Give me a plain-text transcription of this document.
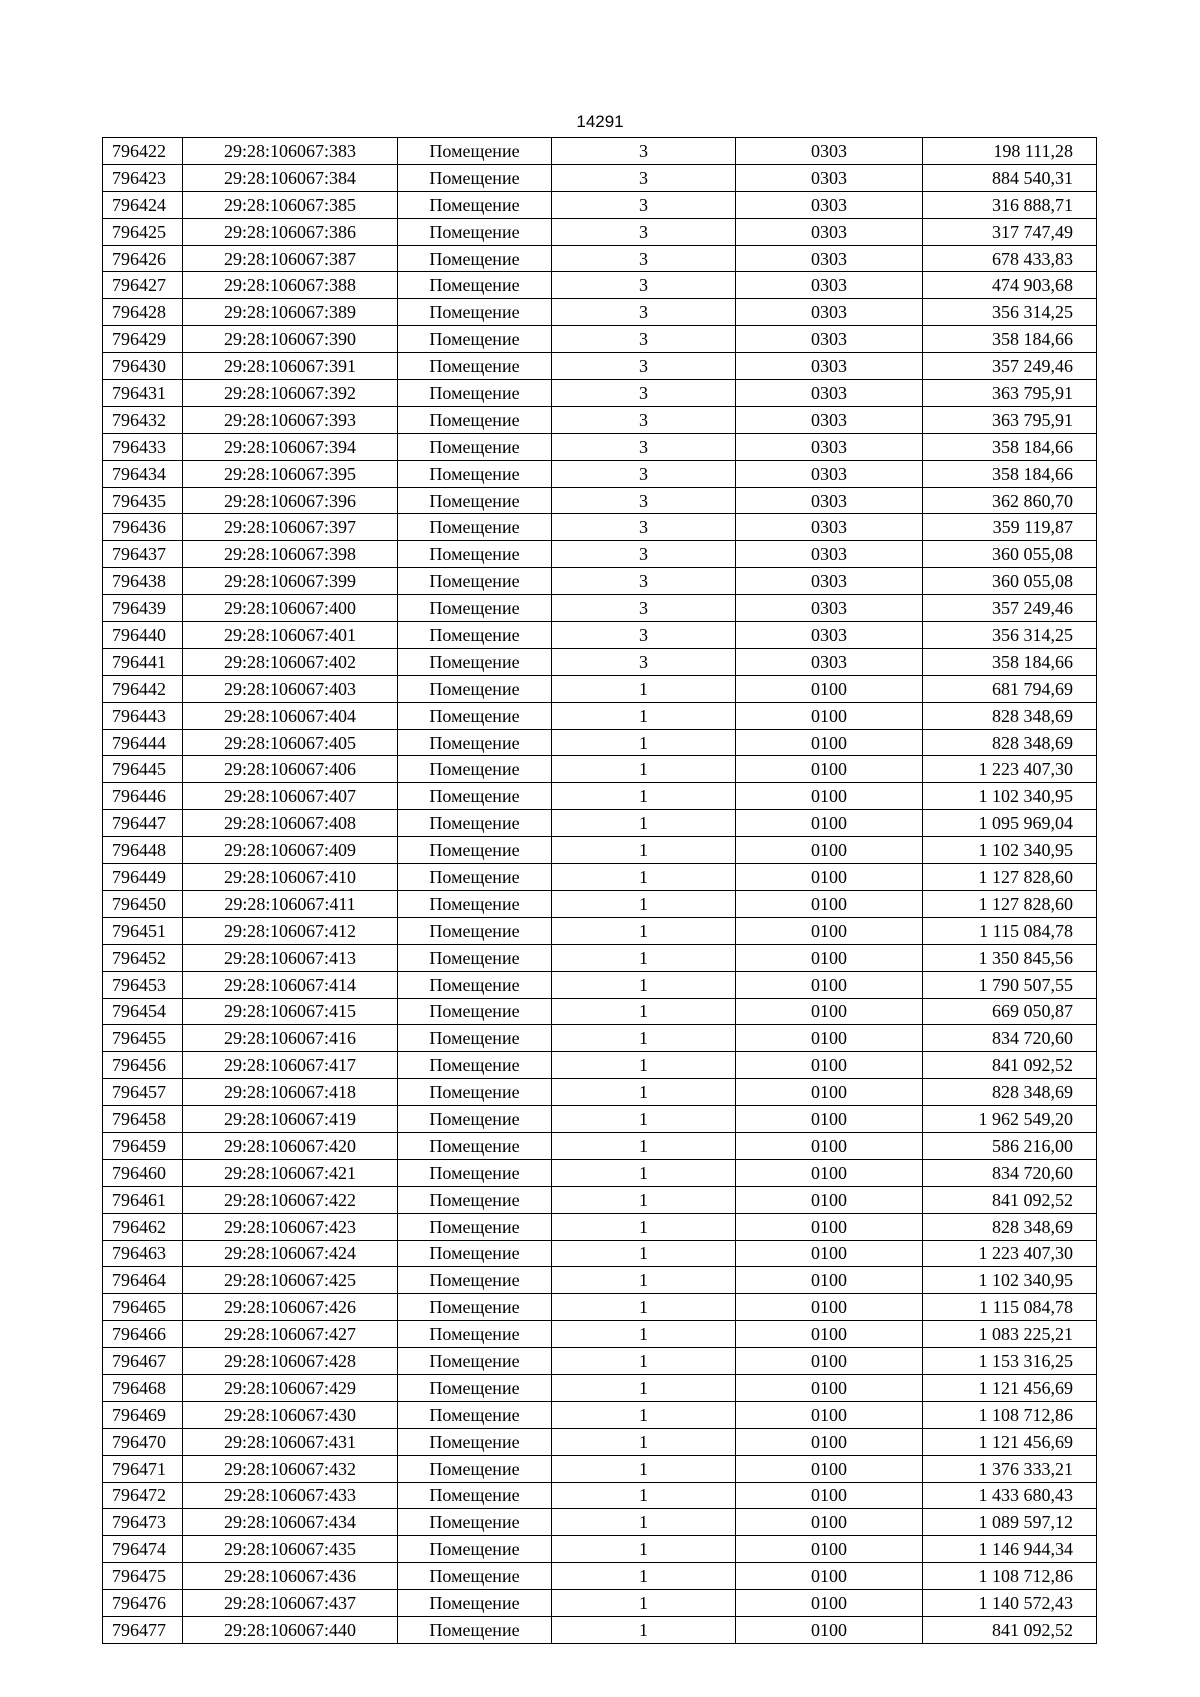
14291
796422	29:28:106067:383	Помещение	3	0303	198 111,28
796423	29:28:106067:384	Помещение	3	0303	884 540,31
796424	29:28:106067:385	Помещение	3	0303	316 888,71
796425	29:28:106067:386	Помещение	3	0303	317 747,49
796426	29:28:106067:387	Помещение	3	0303	678 433,83
796427	29:28:106067:388	Помещение	3	0303	474 903,68
796428	29:28:106067:389	Помещение	3	0303	356 314,25
796429	29:28:106067:390	Помещение	3	0303	358 184,66
796430	29:28:106067:391	Помещение	3	0303	357 249,46
796431	29:28:106067:392	Помещение	3	0303	363 795,91
796432	29:28:106067:393	Помещение	3	0303	363 795,91
796433	29:28:106067:394	Помещение	3	0303	358 184,66
796434	29:28:106067:395	Помещение	3	0303	358 184,66
796435	29:28:106067:396	Помещение	3	0303	362 860,70
796436	29:28:106067:397	Помещение	3	0303	359 119,87
796437	29:28:106067:398	Помещение	3	0303	360 055,08
796438	29:28:106067:399	Помещение	3	0303	360 055,08
796439	29:28:106067:400	Помещение	3	0303	357 249,46
796440	29:28:106067:401	Помещение	3	0303	356 314,25
796441	29:28:106067:402	Помещение	3	0303	358 184,66
796442	29:28:106067:403	Помещение	1	0100	681 794,69
796443	29:28:106067:404	Помещение	1	0100	828 348,69
796444	29:28:106067:405	Помещение	1	0100	828 348,69
796445	29:28:106067:406	Помещение	1	0100	1 223 407,30
796446	29:28:106067:407	Помещение	1	0100	1 102 340,95
796447	29:28:106067:408	Помещение	1	0100	1 095 969,04
796448	29:28:106067:409	Помещение	1	0100	1 102 340,95
796449	29:28:106067:410	Помещение	1	0100	1 127 828,60
796450	29:28:106067:411	Помещение	1	0100	1 127 828,60
796451	29:28:106067:412	Помещение	1	0100	1 115 084,78
796452	29:28:106067:413	Помещение	1	0100	1 350 845,56
796453	29:28:106067:414	Помещение	1	0100	1 790 507,55
796454	29:28:106067:415	Помещение	1	0100	669 050,87
796455	29:28:106067:416	Помещение	1	0100	834 720,60
796456	29:28:106067:417	Помещение	1	0100	841 092,52
796457	29:28:106067:418	Помещение	1	0100	828 348,69
796458	29:28:106067:419	Помещение	1	0100	1 962 549,20
796459	29:28:106067:420	Помещение	1	0100	586 216,00
796460	29:28:106067:421	Помещение	1	0100	834 720,60
796461	29:28:106067:422	Помещение	1	0100	841 092,52
796462	29:28:106067:423	Помещение	1	0100	828 348,69
796463	29:28:106067:424	Помещение	1	0100	1 223 407,30
796464	29:28:106067:425	Помещение	1	0100	1 102 340,95
796465	29:28:106067:426	Помещение	1	0100	1 115 084,78
796466	29:28:106067:427	Помещение	1	0100	1 083 225,21
796467	29:28:106067:428	Помещение	1	0100	1 153 316,25
796468	29:28:106067:429	Помещение	1	0100	1 121 456,69
796469	29:28:106067:430	Помещение	1	0100	1 108 712,86
796470	29:28:106067:431	Помещение	1	0100	1 121 456,69
796471	29:28:106067:432	Помещение	1	0100	1 376 333,21
796472	29:28:106067:433	Помещение	1	0100	1 433 680,43
796473	29:28:106067:434	Помещение	1	0100	1 089 597,12
796474	29:28:106067:435	Помещение	1	0100	1 146 944,34
796475	29:28:106067:436	Помещение	1	0100	1 108 712,86
796476	29:28:106067:437	Помещение	1	0100	1 140 572,43
796477	29:28:106067:440	Помещение	1	0100	841 092,52
